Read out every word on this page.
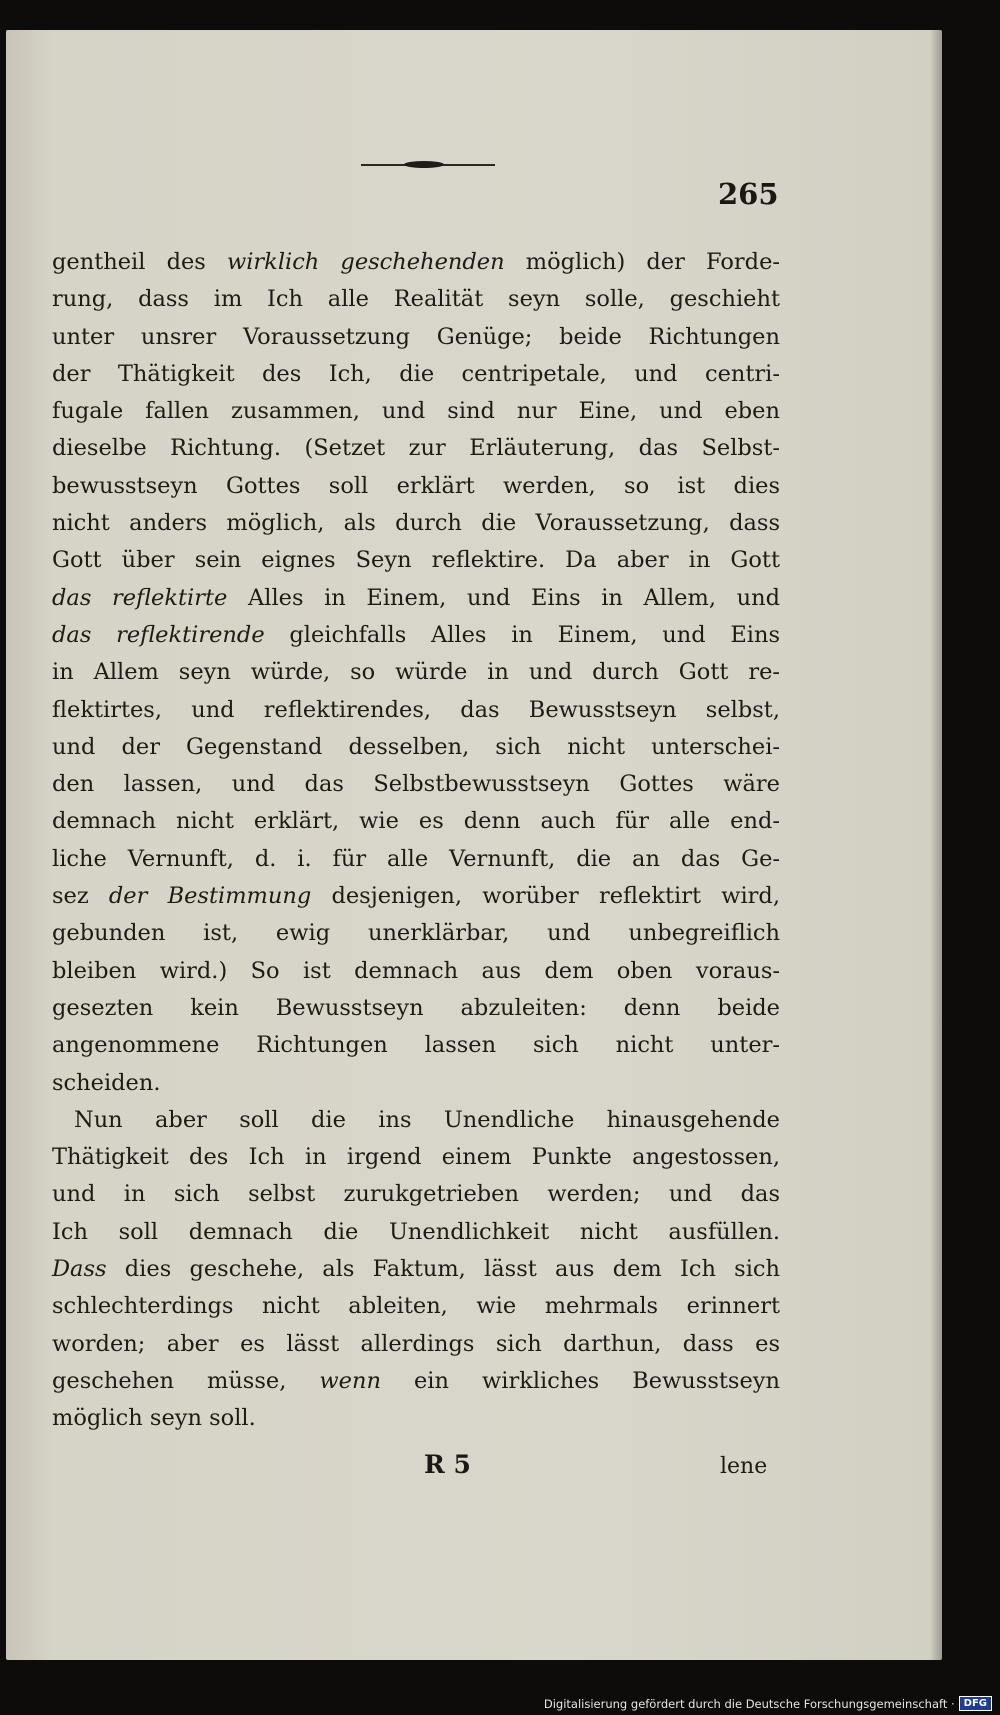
265
gentheil des wirklich geschehenden möglich) der Forde-
rung, dass im Ich alle Realität seyn solle, geschieht
unter unsrer Voraussetzung Genüge; beide Richtungen
der Thätigkeit des Ich, die centripetale, und centri-
fugale fallen zusammen, und sind nur Eine, und eben
dieselbe Richtung. (Setzet zur Erläuterung, das Selbst-
bewusstseyn Gottes soll erklärt werden, so ist dies
nicht anders möglich, als durch die Voraussetzung, dass
Gott über sein eignes Seyn reflektire. Da aber in Gott
das reflektirte Alles in Einem, und Eins in Allem, und
das reflektirende gleichfalls Alles in Einem, und Eins
in Allem seyn würde, so würde in und durch Gott re-
flektirtes, und reflektirendes, das Bewusstseyn selbst,
und der Gegenstand desselben, sich nicht unterschei-
den lassen, und das Selbstbewusstseyn Gottes wäre
demnach nicht erklärt, wie es denn auch für alle end-
liche Vernunft, d. i. für alle Vernunft, die an das Ge-
sez der Bestimmung desjenigen, worüber reflektirt wird,
gebunden ist, ewig unerklärbar, und unbegreiflich
bleiben wird.) So ist demnach aus dem oben voraus-
gesezten kein Bewusstseyn abzuleiten: denn beide
angenommene Richtungen lassen sich nicht unter-
scheiden.
Nun aber soll die ins Unendliche hinausgehende
Thätigkeit des Ich in irgend einem Punkte angestossen,
und in sich selbst zurukgetrieben werden; und das
Ich soll demnach die Unendlichkeit nicht ausfüllen.
Dass dies geschehe, als Faktum, lässt aus dem Ich sich
schlechterdings nicht ableiten, wie mehrmals erinnert
worden; aber es lässt allerdings sich darthun, dass es
geschehen müsse, wenn ein wirkliches Bewusstseyn
möglich seyn soll.
R 5	lene
Digitalisierung gefördert durch die Deutsche Forschungsgemeinschaft · DFG
